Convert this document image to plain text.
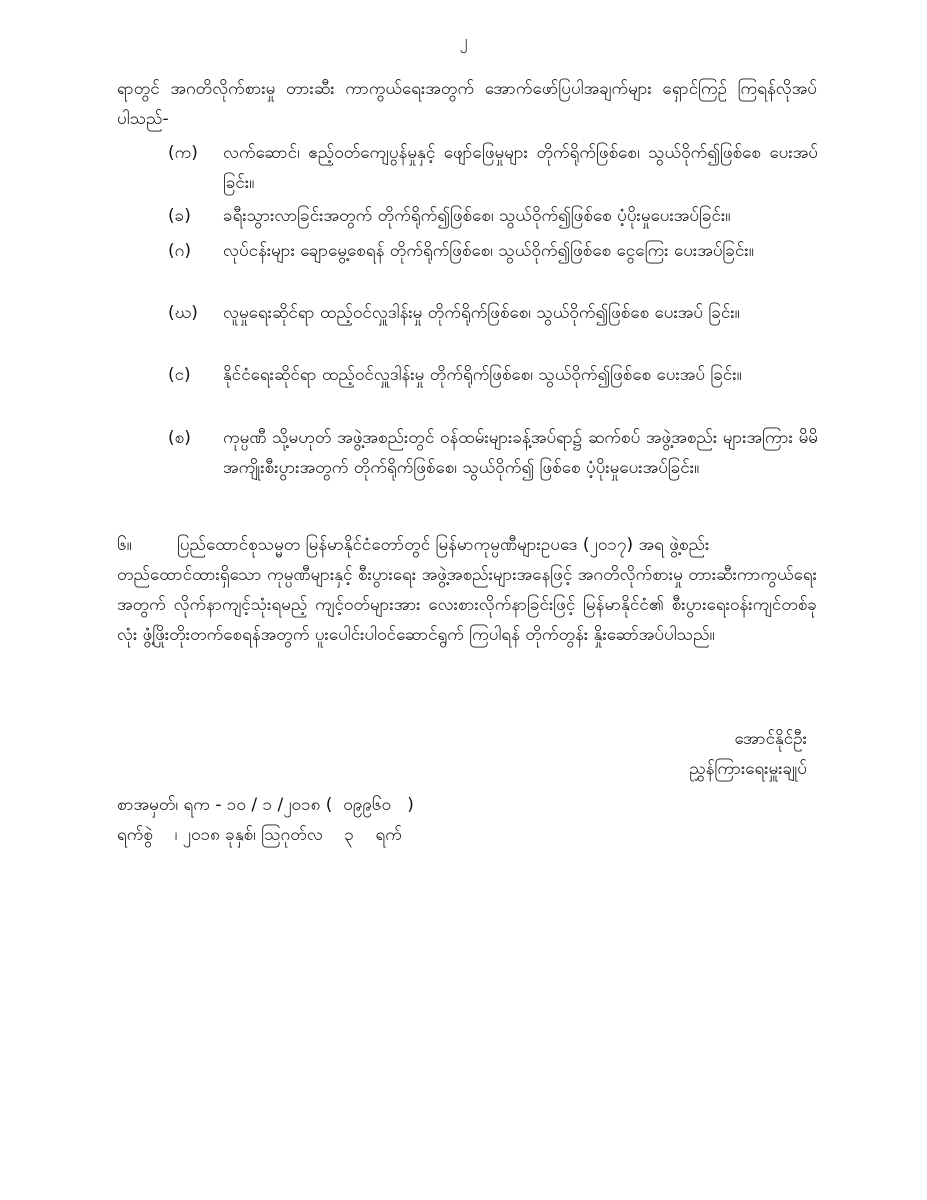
၂
ရာတွင် အဂတိလိုက်စားမှု တားဆီး ကာကွယ်ရေးအတွက် အောက်ဖော်ပြပါအချက်များ ရှောင်ကြဉ် ကြရန်လိုအပ်ပါသည်-
(က)	လက်ဆောင်၊ ဧည့်ဝတ်ကျေပွန်မှုနှင့် ဖျော်ဖြေမှုများ တိုက်ရိုက်ဖြစ်စေ၊ သွယ်ဝိုက်၍ဖြစ်စေ ပေးအပ်ခြင်း။
(ခ)	ခရီးသွားလာခြင်းအတွက် တိုက်ရိုက်၍ဖြစ်စေ၊ သွယ်ဝိုက်၍ဖြစ်စေ ပံ့ပိုးမှုပေးအပ်ခြင်း။
(ဂ)	လုပ်ငန်းများ ချောမွေ့စေရန် တိုက်ရိုက်ဖြစ်စေ၊ သွယ်ဝိုက်၍ဖြစ်စေ ငွေကြေး ပေးအပ်ခြင်း။
(ဃ)	လူမှုရေးဆိုင်ရာ ထည့်ဝင်လှူဒါန်းမှု တိုက်ရိုက်ဖြစ်စေ၊ သွယ်ဝိုက်၍ဖြစ်စေ ပေးအပ် ခြင်း။
(င)	နိုင်ငံရေးဆိုင်ရာ ထည့်ဝင်လှူဒါန်းမှု တိုက်ရိုက်ဖြစ်စေ၊ သွယ်ဝိုက်၍ဖြစ်စေ ပေးအပ် ခြင်း။
(စ)	ကုမ္ပဏီ သို့မဟုတ် အဖွဲ့အစည်းတွင် ဝန်ထမ်းများခန့်အပ်ရာ၌ ဆက်စပ် အဖွဲ့အစည်း များအကြား မိမိအကျိုးစီးပွားအတွက် တိုက်ရိုက်ဖြစ်စေ၊ သွယ်ဝိုက်၍ ဖြစ်စေ ပံ့ပိုးမှုပေးအပ်ခြင်း။
၆။	ပြည်ထောင်စုသမ္မတ မြန်မာနိုင်ငံတော်တွင် မြန်မာကုမ္ပဏီများဥပဒေ (၂၀၁၇) အရ ဖွဲ့စည်း
တည်ထောင်ထားရှိသော ကုမ္ပဏီများနှင့် စီးပွားရေး အဖွဲ့အစည်းများအနေဖြင့် အဂတိလိုက်စားမှု တားဆီးကာကွယ်ရေးအတွက် လိုက်နာကျင့်သုံးရမည့် ကျင့်ဝတ်များအား လေးစားလိုက်နာခြင်းဖြင့် မြန်မာနိုင်ငံ၏ စီးပွားရေးဝန်းကျင်တစ်ခုလုံး ဖွံ့ဖြိုးတိုးတက်စေရန်အတွက် ပူးပေါင်းပါဝင်ဆောင်ရွက် ကြပါရန် တိုက်တွန်း နှိုးဆော်အပ်ပါသည်။
အောင်နိုင်ဦး
ညွှန်ကြားရေးမှူးချုပ်
စာအမှတ်၊ ရက - ၁၀ / ၁ /၂၀၁၈ (  ၀၉၉၆၀   )
ရက်စွဲ    ၊ ၂၀၁၈ ခုနှစ်၊ ဩဂုတ်လ    ၃    ရက်
